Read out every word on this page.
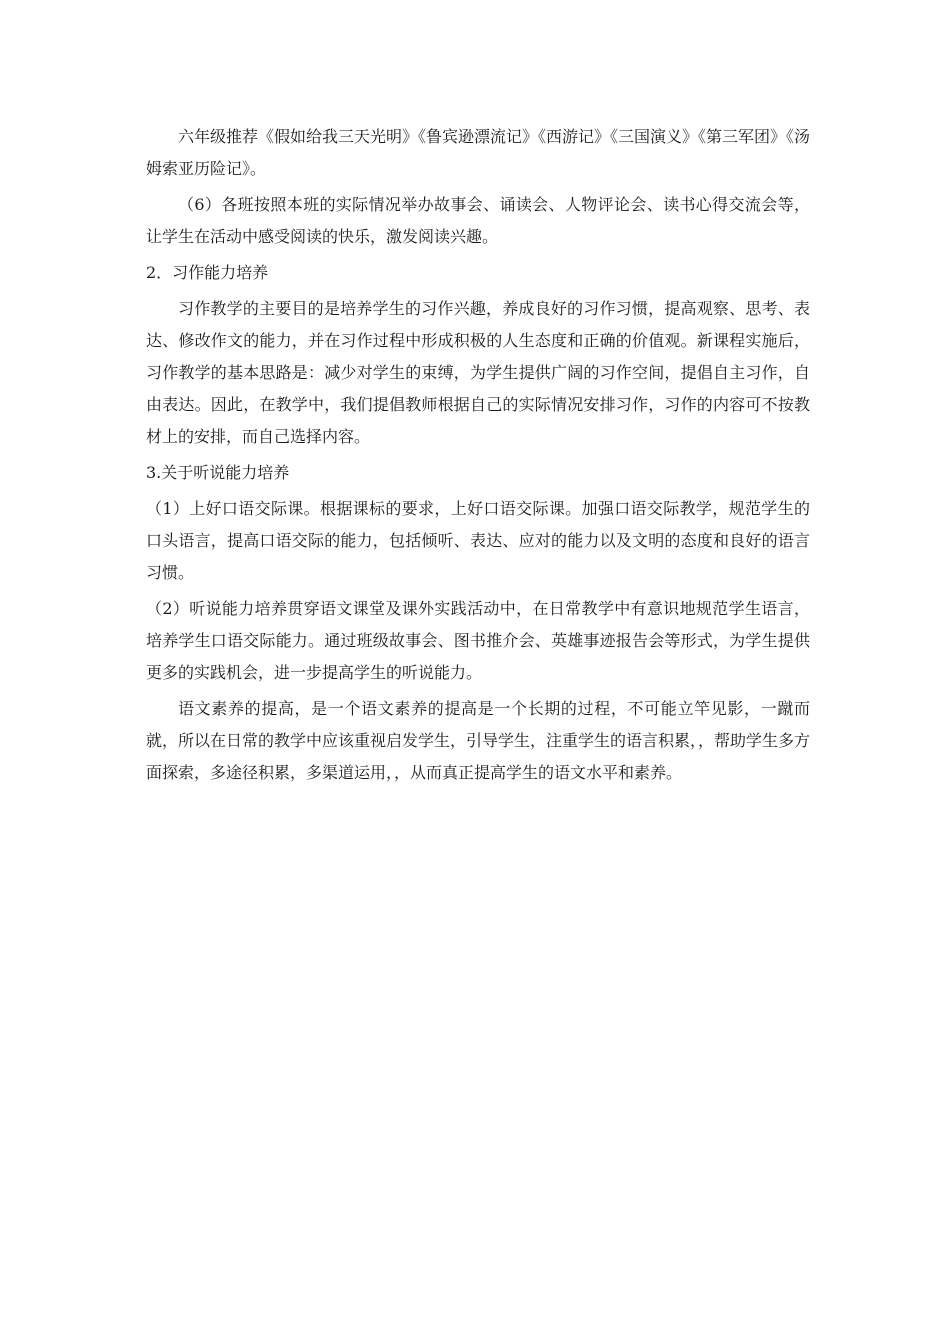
六年级推荐《假如给我三天光明》《鲁宾逊漂流记》《西游记》《三国演义》《第三军团》《汤姆索亚历险记》。

（6）各班按照本班的实际情况举办故事会、诵读会、人物评论会、读书心得交流会等，让学生在活动中感受阅读的快乐，激发阅读兴趣。

2．习作能力培养

习作教学的主要目的是培养学生的习作兴趣，养成良好的习作习惯，提高观察、思考、表达、修改作文的能力，并在习作过程中形成积极的人生态度和正确的价值观。新课程实施后，习作教学的基本思路是：减少对学生的束缚，为学生提供广阔的习作空间，提倡自主习作，自由表达。因此，在教学中，我们提倡教师根据自己的实际情况安排习作，习作的内容可不按教材上的安排，而自己选择内容。

3.关于听说能力培养

（1）上好口语交际课。根据课标的要求，上好口语交际课。加强口语交际教学，规范学生的口头语言，提高口语交际的能力，包括倾听、表达、应对的能力以及文明的态度和良好的语言习惯。

（2）听说能力培养贯穿语文课堂及课外实践活动中，在日常教学中有意识地规范学生语言，培养学生口语交际能力。通过班级故事会、图书推介会、英雄事迹报告会等形式，为学生提供更多的实践机会，进一步提高学生的听说能力。

语文素养的提高，是一个语文素养的提高是一个长期的过程，不可能立竿见影，一蹴而就，所以在日常的教学中应该重视启发学生，引导学生，注重学生的语言积累，，帮助学生多方面探索，多途径积累，多渠道运用，，从而真正提高学生的语文水平和素养。
